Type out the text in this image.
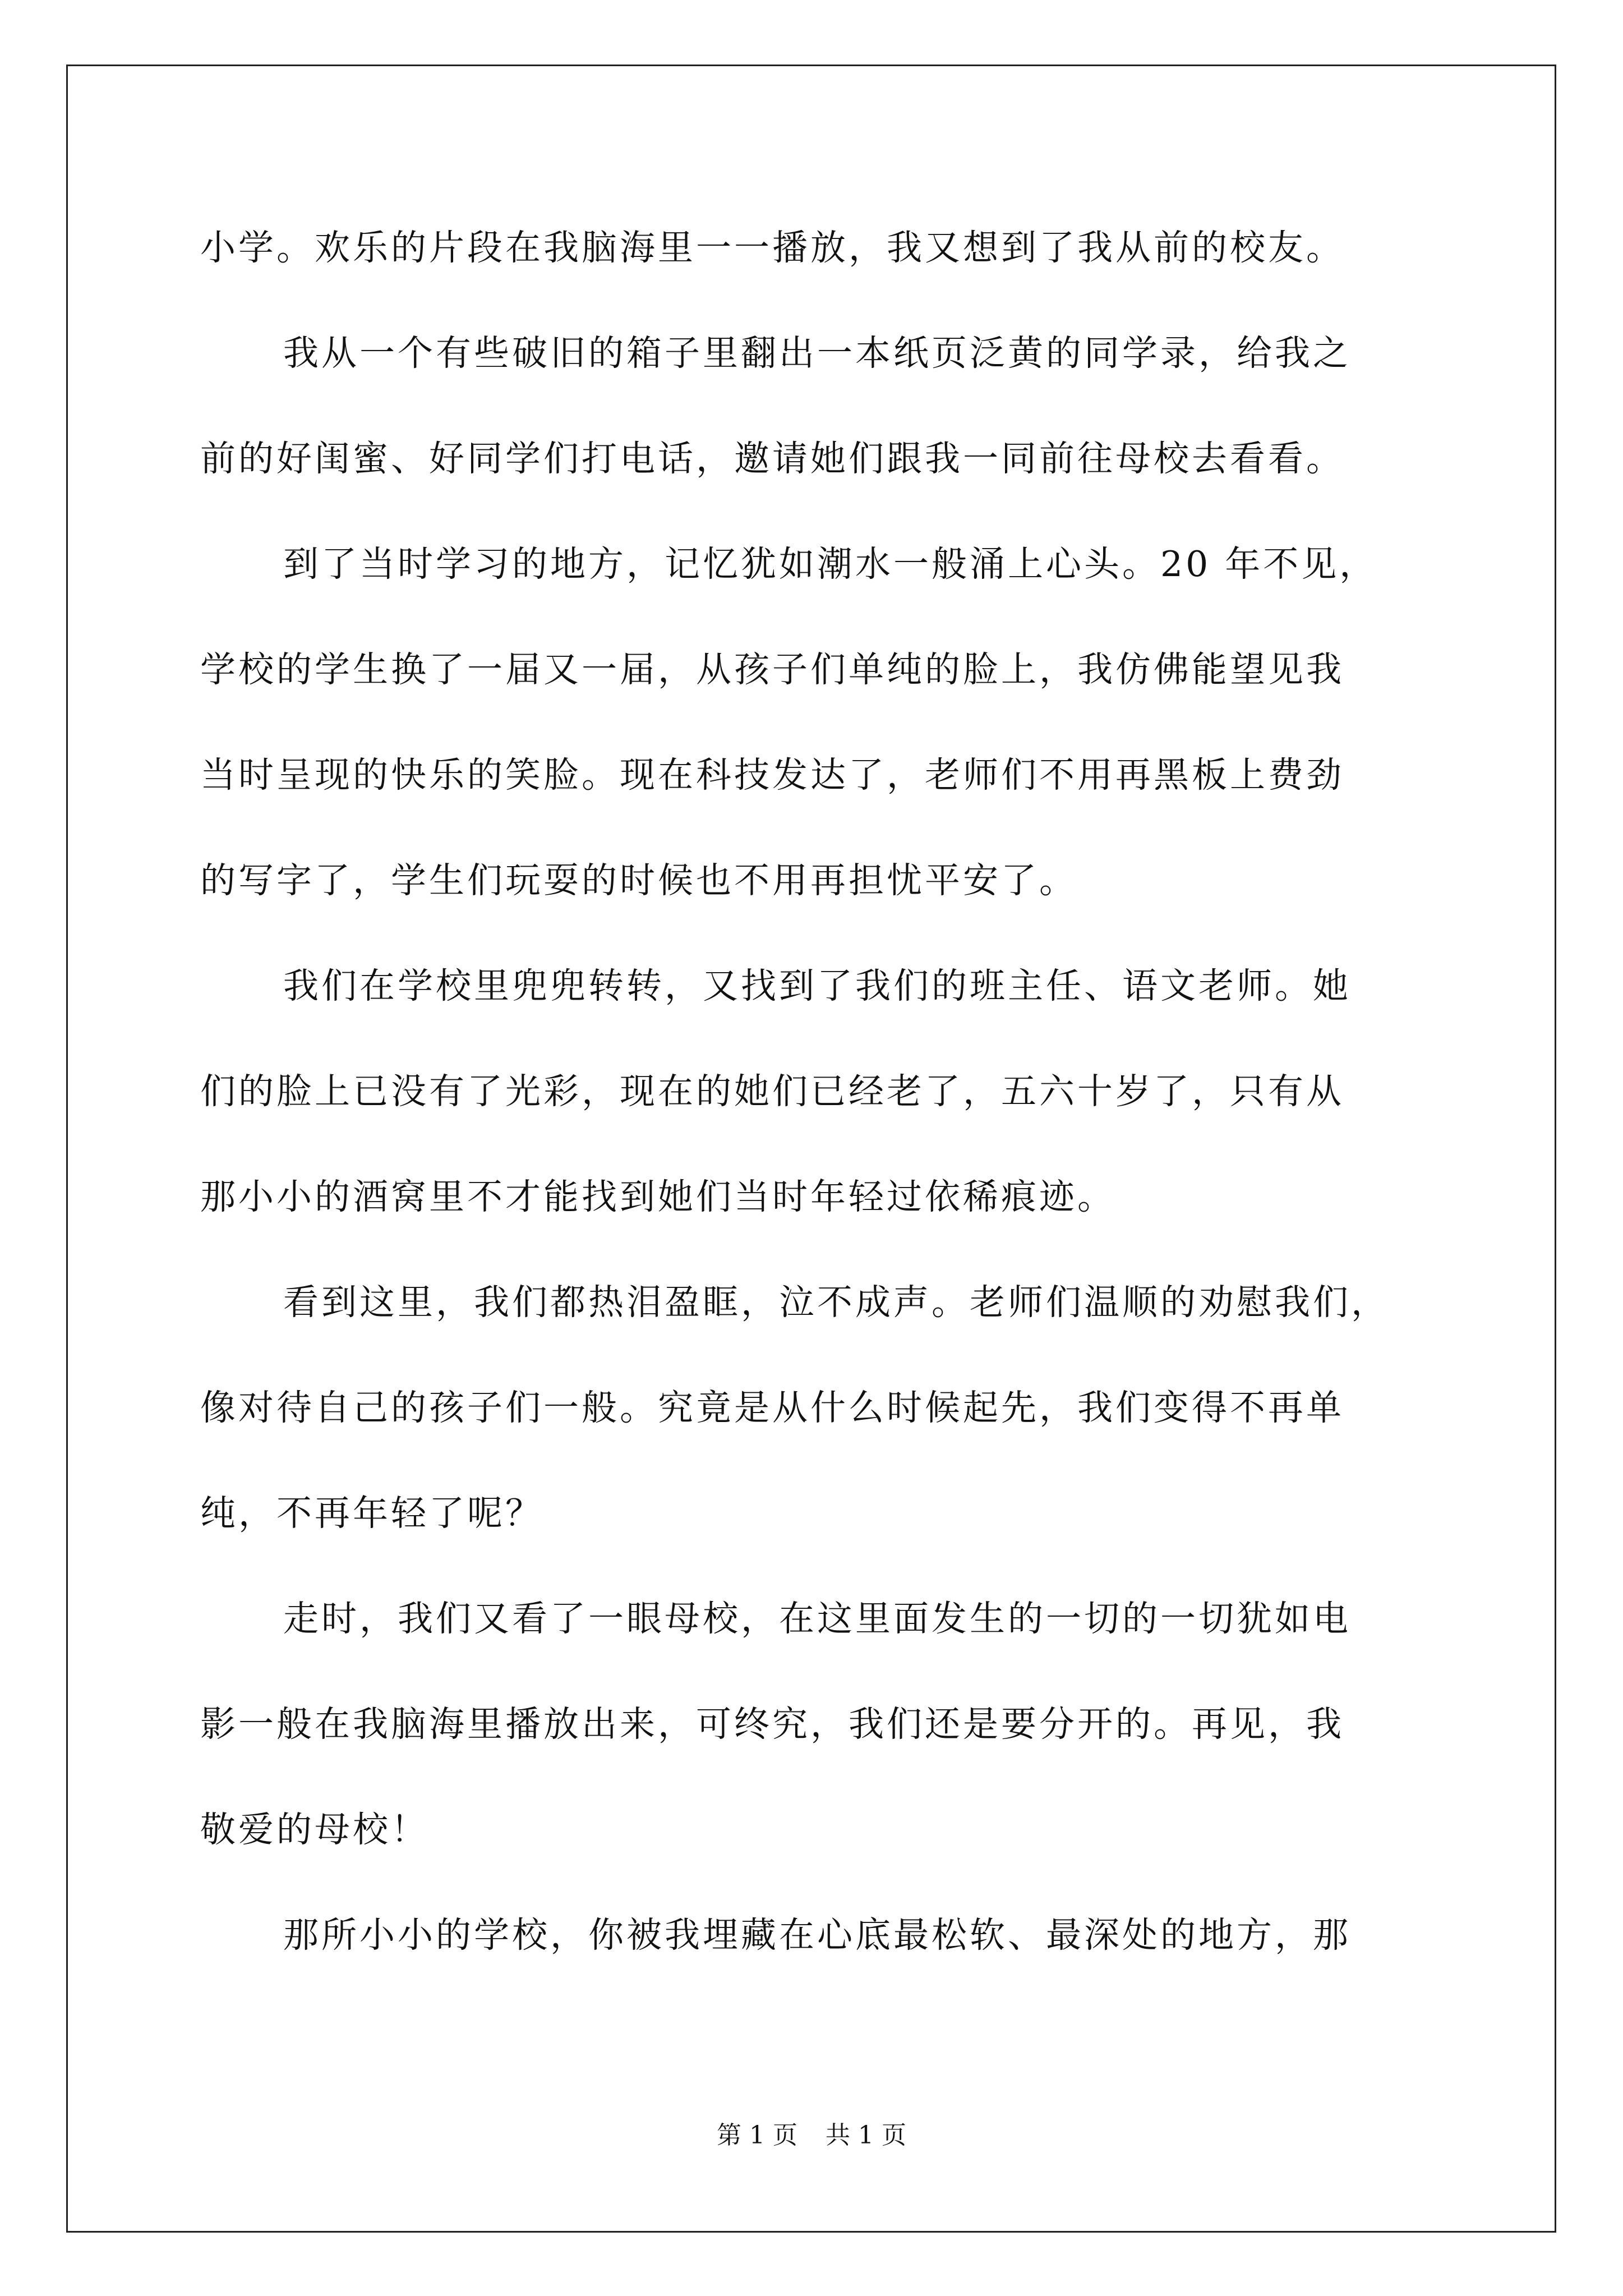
小学。欢乐的片段在我脑海里一一播放，我又想到了我从前的校友。
我从一个有些破旧的箱子里翻出一本纸页泛黄的同学录，给我之
前的好闺蜜、好同学们打电话，邀请她们跟我一同前往母校去看看。
到了当时学习的地方，记忆犹如潮水一般涌上心头。20 年不见，
学校的学生换了一届又一届，从孩子们单纯的脸上，我仿佛能望见我
当时呈现的快乐的笑脸。现在科技发达了，老师们不用再黑板上费劲
的写字了，学生们玩耍的时候也不用再担忧平安了。
我们在学校里兜兜转转，又找到了我们的班主任、语文老师。她
们的脸上已没有了光彩，现在的她们已经老了，五六十岁了，只有从
那小小的酒窝里不才能找到她们当时年轻过依稀痕迹。
看到这里，我们都热泪盈眶，泣不成声。老师们温顺的劝慰我们，
像对待自己的孩子们一般。究竟是从什么时候起先，我们变得不再单
纯，不再年轻了呢？
走时，我们又看了一眼母校，在这里面发生的一切的一切犹如电
影一般在我脑海里播放出来，可终究，我们还是要分开的。再见，我
敬爱的母校！
那所小小的学校，你被我埋藏在心底最松软、最深处的地方，那
第 1 页 共 1 页
